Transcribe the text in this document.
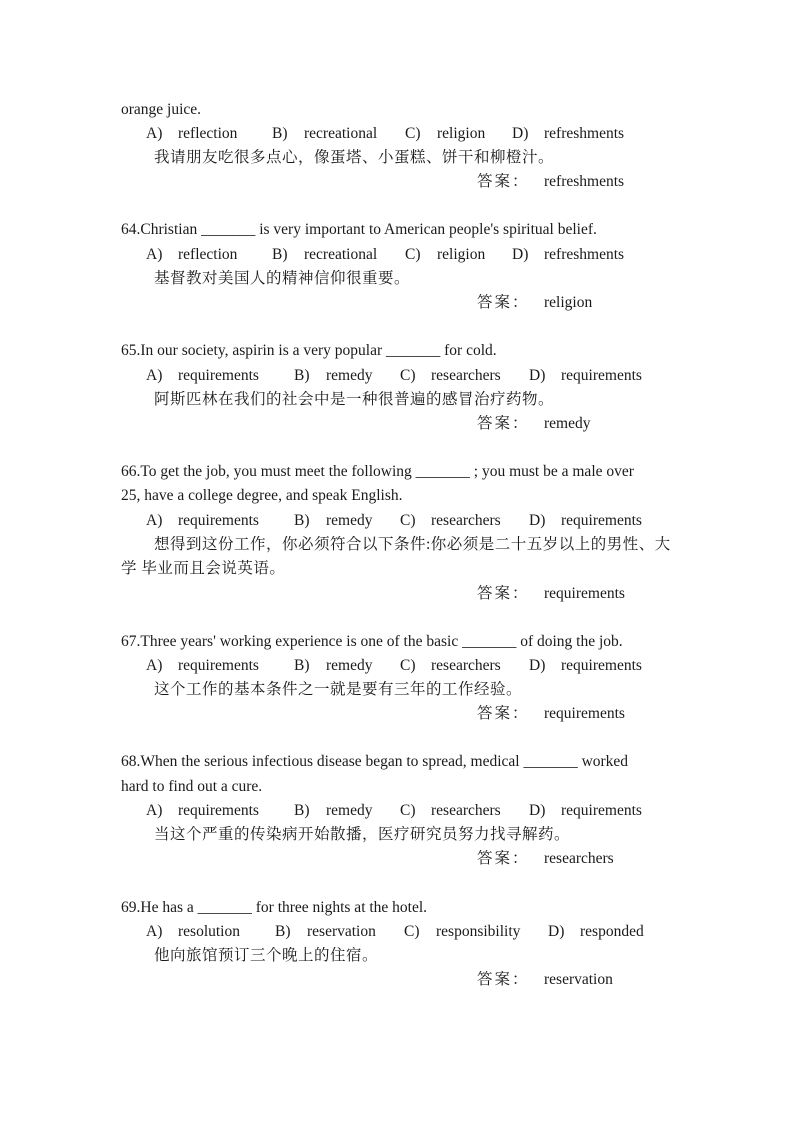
orange juice.
A) reflection B) recreational C) religion D) refreshments
我请朋友吃很多点心，像蛋塔、小蛋糕、饼干和柳橙汁。
答案： refreshments
64.Christian _______ is very important to American people's spiritual belief.
A) reflection B) recreational C) religion D) refreshments
基督教对美国人的精神信仰很重要。
答案： religion
65.In our society, aspirin is a very popular _______ for cold.
A) requirements B) remedy C) researchers D) requirements
阿斯匹林在我们的社会中是一种很普遍的感冒治疗药物。
答案： remedy
66.To get the job, you must meet the following _______ ; you must be a male over
25, have a college degree, and speak English.
A) requirements B) remedy C) researchers D) requirements
想得到这份工作，你必须符合以下条件:你必须是二十五岁以上的男性、大
学 毕业而且会说英语。
答案： requirements
67.Three years' working experience is one of the basic _______ of doing the job.
A) requirements B) remedy C) researchers D) requirements
这个工作的基本条件之一就是要有三年的工作经验。
答案： requirements
68.When the serious infectious disease began to spread, medical _______ worked
hard to find out a cure.
A) requirements B) remedy C) researchers D) requirements
当这个严重的传染病开始散播，医疗研究员努力找寻解药。
答案： researchers
69.He has a _______ for three nights at the hotel.
A) resolution B) reservation C) responsibility D) responded
他向旅馆预订三个晚上的住宿。
答案： reservation
